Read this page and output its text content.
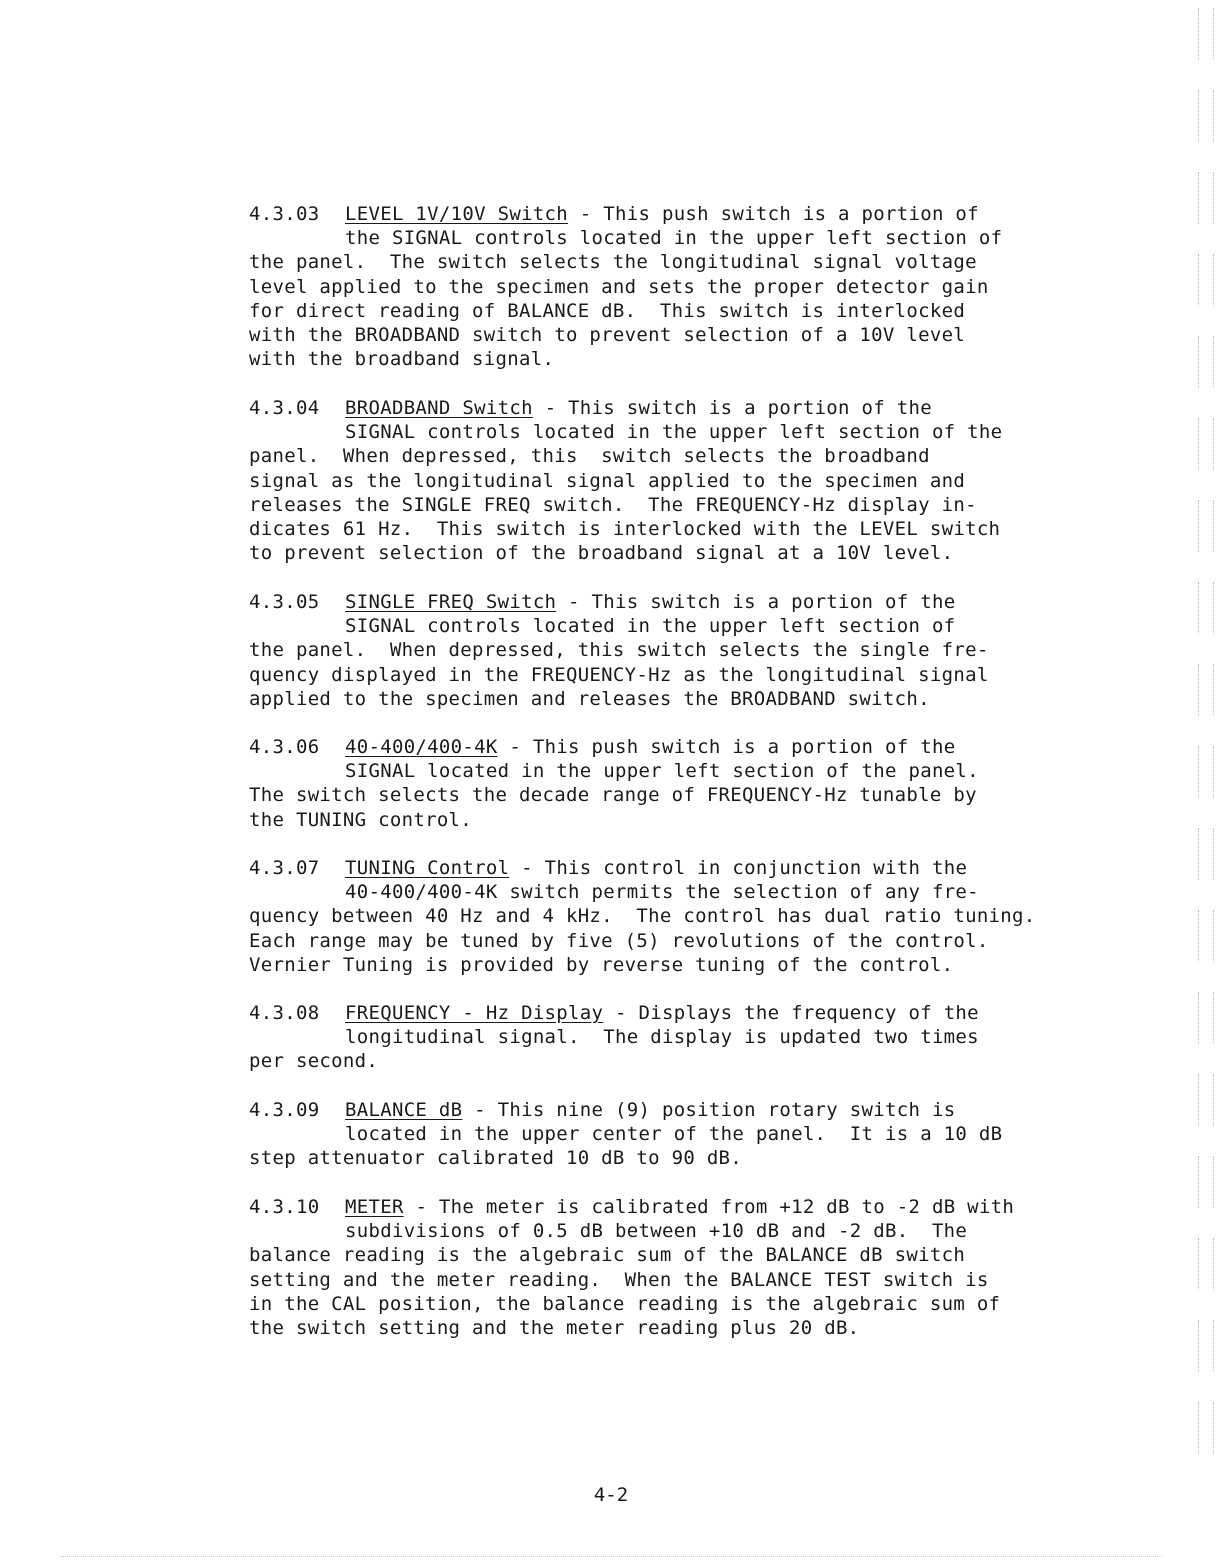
4.3.03 LEVEL 1V/10V Switch - This push switch is a portion of
the SIGNAL controls located in the upper left section of
the panel.  The switch selects the longitudinal signal voltage
level applied to the specimen and sets the proper detector gain
for direct reading of BALANCE dB.  This switch is interlocked
with the BROADBAND switch to prevent selection of a 10V level
with the broadband signal.
4.3.04 BROADBAND Switch - This switch is a portion of the
SIGNAL controls located in the upper left section of the
panel.  When depressed, this  switch selects the broadband
signal as the longitudinal signal applied to the specimen and
releases the SINGLE FREQ switch.  The FREQUENCY-Hz display in-
dicates 61 Hz.  This switch is interlocked with the LEVEL switch
to prevent selection of the broadband signal at a 10V level.
4.3.05 SINGLE FREQ Switch - This switch is a portion of the
SIGNAL controls located in the upper left section of
the panel.  When depressed, this switch selects the single fre-
quency displayed in the FREQUENCY-Hz as the longitudinal signal
applied to the specimen and releases the BROADBAND switch.
4.3.06 40-400/400-4K - This push switch is a portion of the
SIGNAL located in the upper left section of the panel.
The switch selects the decade range of FREQUENCY-Hz tunable by
the TUNING control.
4.3.07 TUNING Control - This control in conjunction with the
40-400/400-4K switch permits the selection of any fre-
quency between 40 Hz and 4 kHz.  The control has dual ratio tuning.
Each range may be tuned by five (5) revolutions of the control.
Vernier Tuning is provided by reverse tuning of the control.
4.3.08 FREQUENCY - Hz Display - Displays the frequency of the
longitudinal signal.  The display is updated two times
per second.
4.3.09 BALANCE dB - This nine (9) position rotary switch is
located in the upper center of the panel.  It is a 10 dB
step attenuator calibrated 10 dB to 90 dB.
4.3.10 METER - The meter is calibrated from +12 dB to -2 dB with
subdivisions of 0.5 dB between +10 dB and -2 dB.  The
balance reading is the algebraic sum of the BALANCE dB switch
setting and the meter reading.  When the BALANCE TEST switch is
in the CAL position, the balance reading is the algebraic sum of
the switch setting and the meter reading plus 20 dB.
4-2
